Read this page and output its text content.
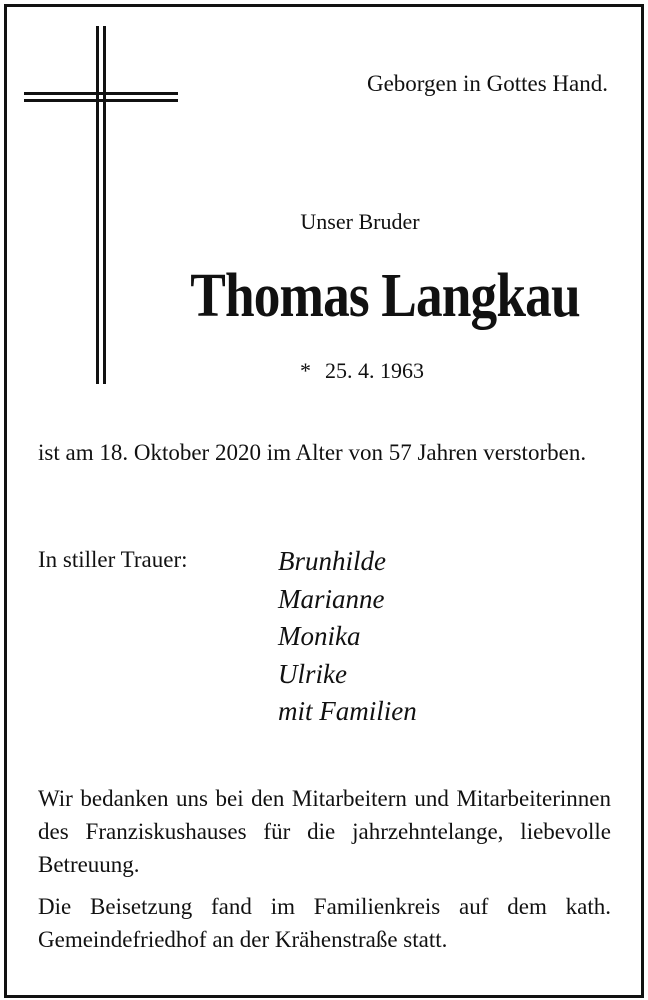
Geborgen in Gottes Hand.
Unser Bruder
Thomas Langkau
* 25. 4. 1963
ist am 18. Oktober 2020 im Alter von 57 Jahren verstorben.
In stiller Trauer:	Brunhilde
Marianne
Monika
Ulrike
mit Familien
Wir bedanken uns bei den Mitarbeitern und Mitarbeiterinnen des Franziskushauses für die jahrzehntelange, liebevolle Betreuung.
Die Beisetzung fand im Familienkreis auf dem kath. Gemeindefriedhof an der Krähenstraße statt.
